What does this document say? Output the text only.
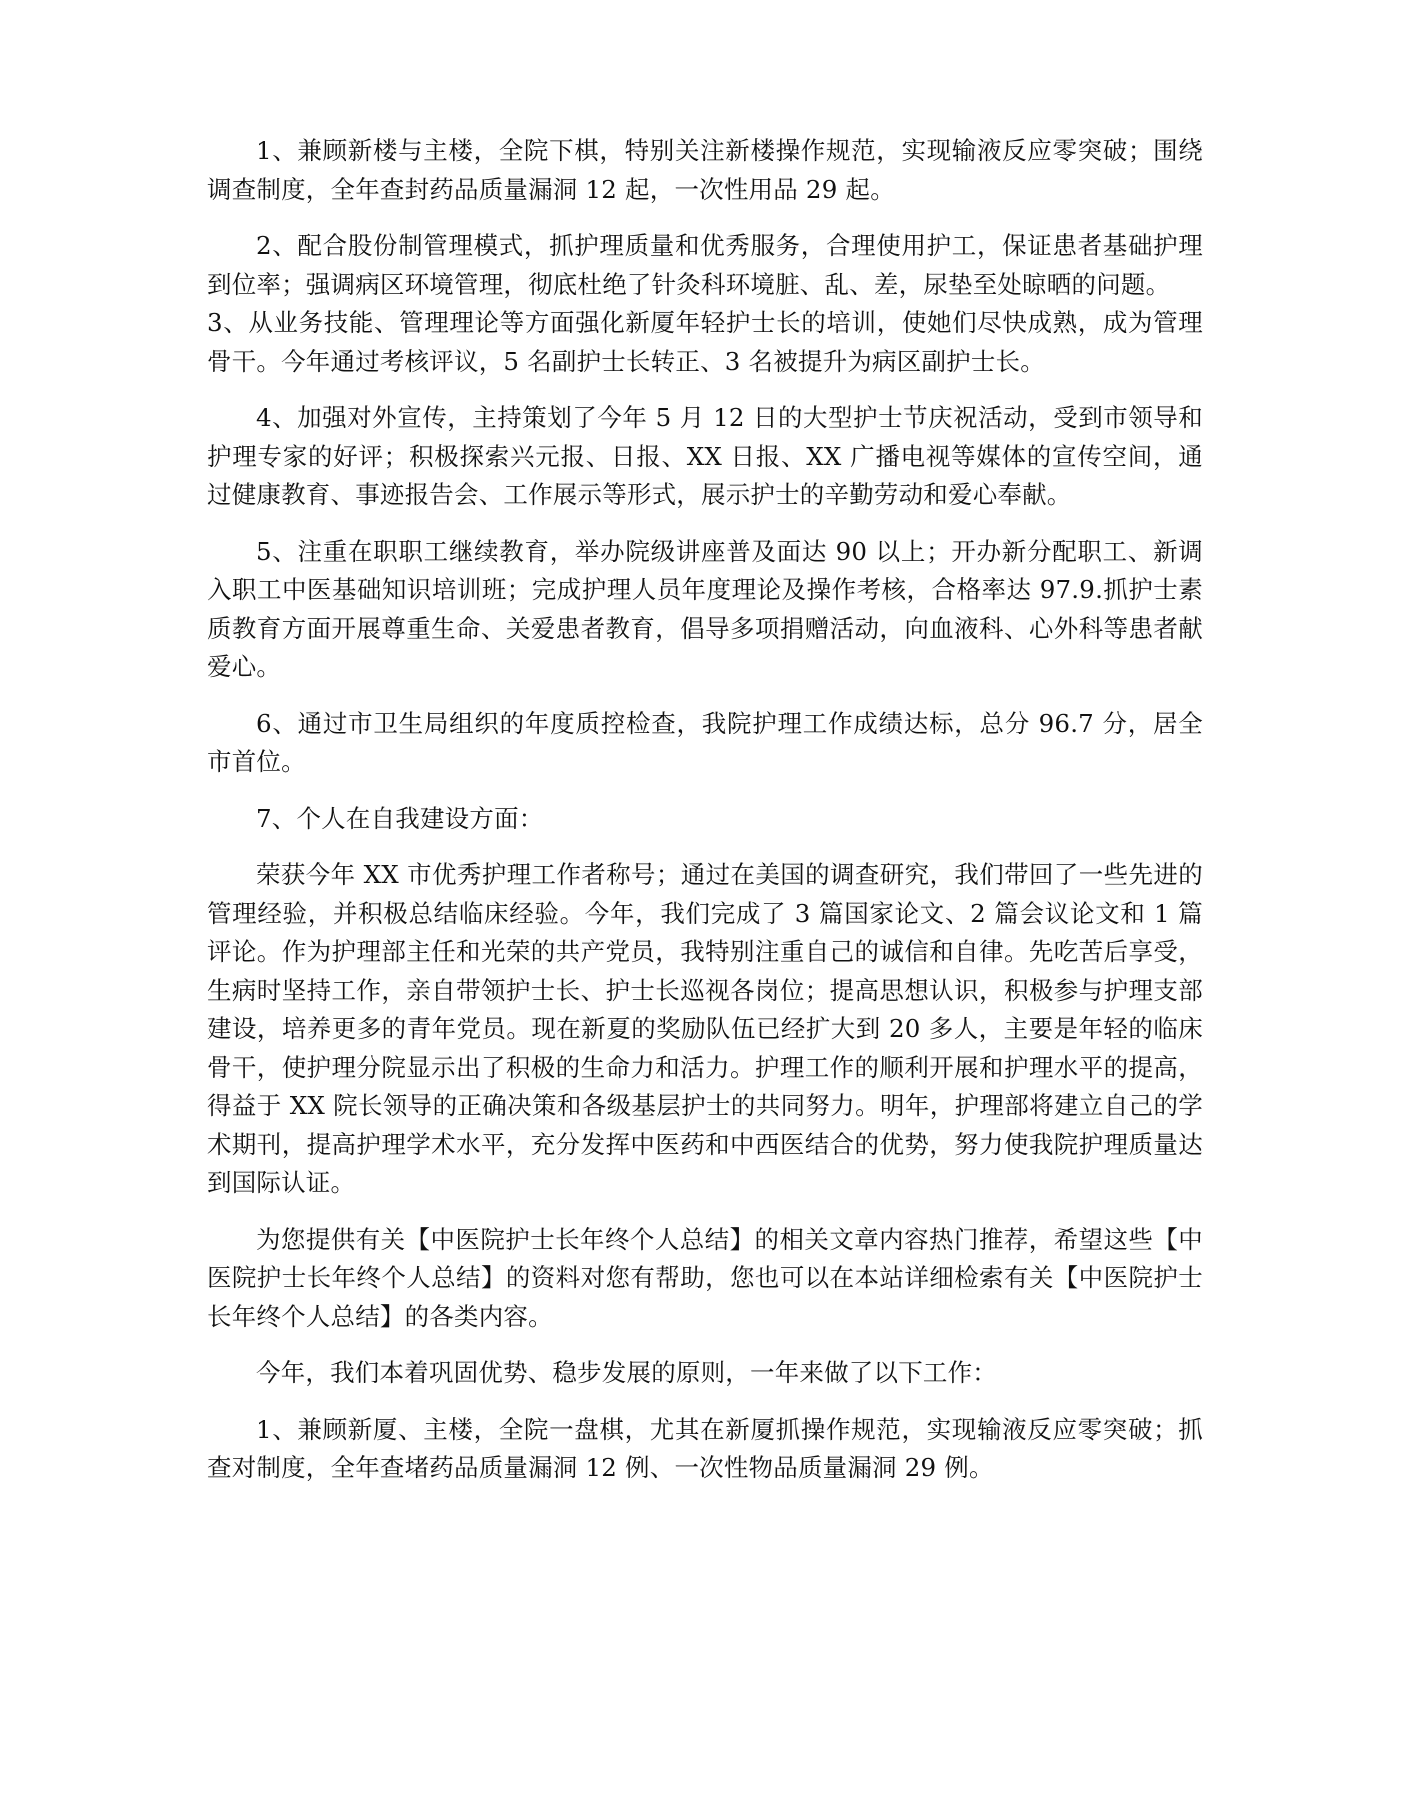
1、兼顾新楼与主楼，全院下棋，特别关注新楼操作规范，实现输液反应零突破；围绕调查制度，全年查封药品质量漏洞 12 起，一次性用品 29 起。

2、配合股份制管理模式，抓护理质量和优秀服务，合理使用护工，保证患者基础护理到位率；强调病区环境管理，彻底杜绝了针灸科环境脏、乱、差，尿垫至处晾晒的问题。

3、从业务技能、管理理论等方面强化新厦年轻护士长的培训，使她们尽快成熟，成为管理骨干。今年通过考核评议，5 名副护士长转正、3 名被提升为病区副护士长。

4、加强对外宣传，主持策划了今年 5 月 12 日的大型护士节庆祝活动，受到市领导和护理专家的好评；积极探索兴元报、日报、XX 日报、XX 广播电视等媒体的宣传空间，通过健康教育、事迹报告会、工作展示等形式，展示护士的辛勤劳动和爱心奉献。

5、注重在职职工继续教育，举办院级讲座普及面达 90 以上；开办新分配职工、新调入职工中医基础知识培训班；完成护理人员年度理论及操作考核，合格率达 97.9.抓护士素质教育方面开展尊重生命、关爱患者教育，倡导多项捐赠活动，向血液科、心外科等患者献爱心。

6、通过市卫生局组织的年度质控检查，我院护理工作成绩达标，总分 96.7 分，居全市首位。

7、个人在自我建设方面：

荣获今年 XX 市优秀护理工作者称号；通过在美国的调查研究，我们带回了一些先进的管理经验，并积极总结临床经验。今年，我们完成了 3 篇国家论文、2 篇会议论文和 1 篇评论。作为护理部主任和光荣的共产党员，我特别注重自己的诚信和自律。先吃苦后享受，生病时坚持工作，亲自带领护士长、护士长巡视各岗位；提高思想认识，积极参与护理支部建设，培养更多的青年党员。现在新夏的奖励队伍已经扩大到 20 多人，主要是年轻的临床骨干，使护理分院显示出了积极的生命力和活力。护理工作的顺利开展和护理水平的提高，得益于 XX 院长领导的正确决策和各级基层护士的共同努力。明年，护理部将建立自己的学术期刊，提高护理学术水平，充分发挥中医药和中西医结合的优势，努力使我院护理质量达到国际认证。

为您提供有关【中医院护士长年终个人总结】的相关文章内容热门推荐，希望这些【中医院护士长年终个人总结】的资料对您有帮助，您也可以在本站详细检索有关【中医院护士长年终个人总结】的各类内容。

今年，我们本着巩固优势、稳步发展的原则，一年来做了以下工作：

1、兼顾新厦、主楼，全院一盘棋，尤其在新厦抓操作规范，实现输液反应零突破；抓查对制度，全年查堵药品质量漏洞 12 例、一次性物品质量漏洞 29 例。
